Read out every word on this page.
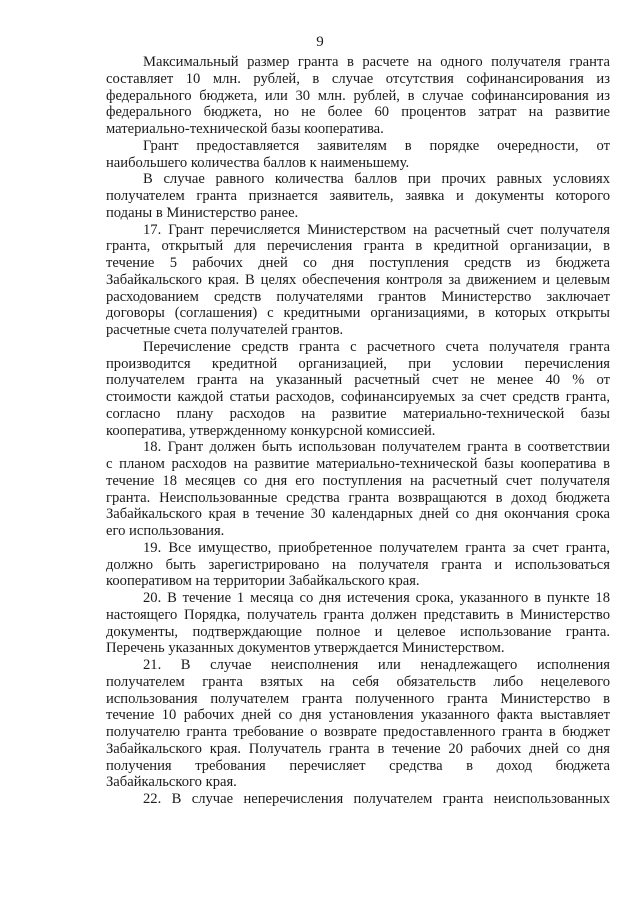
9
Максимальный размер гранта в расчете на одного получателя гранта
составляет 10 млн. рублей, в случае отсутствия софинансирования из
федерального бюджета, или 30 млн. рублей, в случае софинансирования из
федерального бюджета, но не более 60 процентов затрат на развитие
материально-технической базы кооператива.
Грант предоставляется заявителям в порядке очередности, от
наибольшего количества баллов к наименьшему.
В случае равного количества баллов при прочих равных условиях
получателем гранта признается заявитель, заявка и документы которого
поданы в Министерство ранее.
17. Грант перечисляется Министерством на расчетный счет получателя
гранта, открытый для перечисления гранта в кредитной организации, в
течение 5 рабочих дней со дня поступления средств из бюджета
Забайкальского края. В целях обеспечения контроля за движением и целевым
расходованием средств получателями грантов Министерство заключает
договоры (соглашения) с кредитными организациями, в которых открыты
расчетные счета получателей грантов.
Перечисление средств гранта с расчетного счета получателя гранта
производится кредитной организацией, при условии перечисления
получателем гранта на указанный расчетный счет не менее 40 % от
стоимости каждой статьи расходов, софинансируемых за счет средств гранта,
согласно плану расходов на развитие материально-технической базы
кооператива, утвержденному конкурсной комиссией.
18. Грант должен быть использован получателем гранта в соответствии
с планом расходов на развитие материально-технической базы кооператива в
течение 18 месяцев со дня его поступления на расчетный счет получателя
гранта. Неиспользованные средства гранта возвращаются в доход бюджета
Забайкальского края в течение 30 календарных дней со дня окончания срока
его использования.
19. Все имущество, приобретенное получателем гранта за счет гранта,
должно быть зарегистрировано на получателя гранта и использоваться
кооперативом на территории Забайкальского края.
20. В течение 1 месяца со дня истечения срока, указанного в пункте 18
настоящего Порядка, получатель гранта должен представить в Министерство
документы, подтверждающие полное и целевое использование гранта.
Перечень указанных документов утверждается Министерством.
21. В случае неисполнения или ненадлежащего исполнения
получателем гранта взятых на себя обязательств либо нецелевого
использования получателем гранта полученного гранта Министерство в
течение 10 рабочих дней со дня установления указанного факта выставляет
получателю гранта требование о возврате предоставленного гранта в бюджет
Забайкальского края. Получатель гранта в течение 20 рабочих дней со дня
получения требования перечисляет средства в доход бюджета
Забайкальского края.
22. В случае неперечисления получателем гранта неиспользованных
